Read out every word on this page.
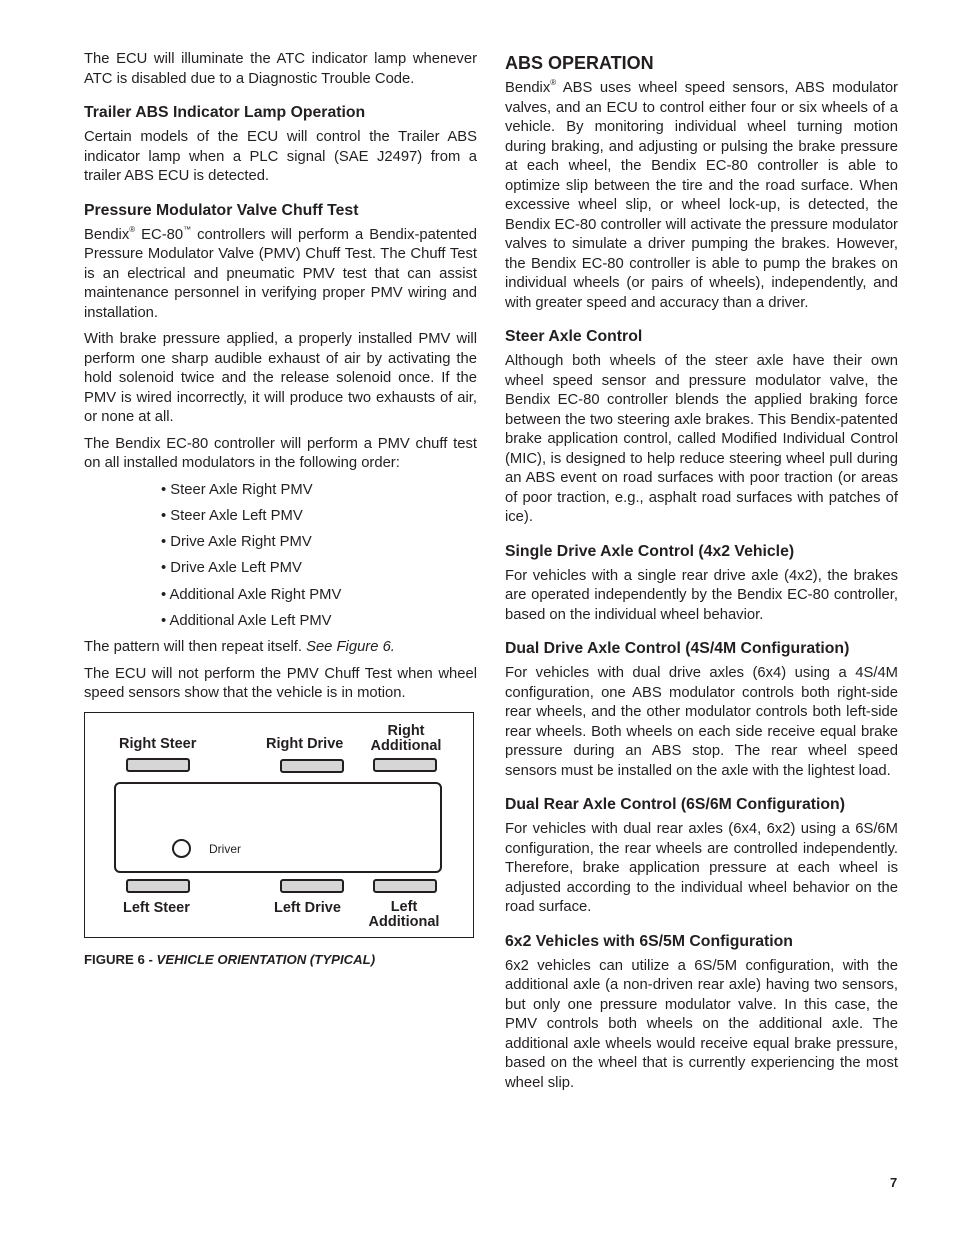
The ECU will illuminate the ATC indicator lamp whenever ATC is disabled due to a Diagnostic Trouble Code.

Trailer ABS Indicator Lamp Operation

Certain models of the ECU will control the Trailer ABS indicator lamp when a PLC signal (SAE J2497) from a trailer ABS ECU is detected.

Pressure Modulator Valve Chuff Test

Bendix® EC-80™ controllers will perform a Bendix-patented Pressure Modulator Valve (PMV) Chuff Test. The Chuff Test is an electrical and pneumatic PMV test that can assist maintenance personnel in verifying proper PMV wiring and installation.

With brake pressure applied, a properly installed PMV will perform one sharp audible exhaust of air by activating the hold solenoid twice and the release solenoid once. If the PMV is wired incorrectly, it will produce two exhausts of air, or none at all.

The Bendix EC-80 controller will perform a PMV chuff test on all installed modulators in the following order:

• Steer Axle Right PMV
• Steer Axle Left PMV
• Drive Axle Right PMV
• Drive Axle Left PMV
• Additional Axle Right PMV
• Additional Axle Left PMV

The pattern will then repeat itself. See Figure 6.

The ECU will not perform the PMV Chuff Test when wheel speed sensors show that the vehicle is in motion.

Right Steer	Right Drive
Right
Additional
Driver
Left Steer	Left Drive	Left
Additional
FIGURE 6 - VEHICLE ORIENTATION (TYPICAL)
ABS OPERATION

Bendix® ABS uses wheel speed sensors, ABS modulator valves, and an ECU to control either four or six wheels of a vehicle. By monitoring individual wheel turning motion during braking, and adjusting or pulsing the brake pressure at each wheel, the Bendix EC-80 controller is able to optimize slip between the tire and the road surface. When excessive wheel slip, or wheel lock-up, is detected, the Bendix EC-80 controller will activate the pressure modulator valves to simulate a driver pumping the brakes. However, the Bendix EC-80 controller is able to pump the brakes on individual wheels (or pairs of wheels), independently, and with greater speed and accuracy than a driver.

Steer Axle Control

Although both wheels of the steer axle have their own wheel speed sensor and pressure modulator valve, the Bendix EC-80 controller blends the applied braking force between the two steering axle brakes. This Bendix-patented brake application control, called Modified Individual Control (MIC), is designed to help reduce steering wheel pull during an ABS event on road surfaces with poor traction (or areas of poor traction, e.g., asphalt road surfaces with patches of ice).

Single Drive Axle Control (4x2 Vehicle)

For vehicles with a single rear drive axle (4x2), the brakes are operated independently by the Bendix EC-80 controller, based on the individual wheel behavior.

Dual Drive Axle Control (4S/4M Configuration)

For vehicles with dual drive axles (6x4) using a 4S/4M configuration, one ABS modulator controls both right-side rear wheels, and the other modulator controls both left-side rear wheels. Both wheels on each side receive equal brake pressure during an ABS stop. The rear wheel speed sensors must be installed on the axle with the lightest load.

Dual Rear Axle Control (6S/6M Configuration)

For vehicles with dual rear axles (6x4, 6x2) using a 6S/6M configuration, the rear wheels are controlled independently. Therefore, brake application pressure at each wheel is adjusted according to the individual wheel behavior on the road surface.

6x2 Vehicles with 6S/5M Configuration

6x2 vehicles can utilize a 6S/5M configuration, with the additional axle (a non-driven rear axle) having two sensors, but only one pressure modulator valve. In this case, the PMV controls both wheels on the additional axle. The additional axle wheels would receive equal brake pressure, based on the wheel that is currently experiencing the most wheel slip.

7
